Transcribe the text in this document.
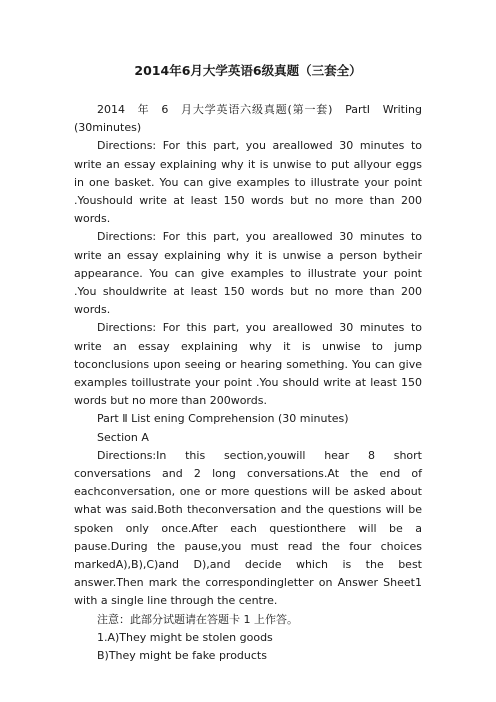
2014年6月大学英语6级真题（三套全）

2014　年　6　月大学英语六级真题(第一套)　PartI　Writing (30minutes)

Directions: For this part, you areallowed 30 minutes to write an essay explaining why it is unwise to put allyour eggs in one basket. You can give examples to illustrate your point .Youshould write at least 150 words but no more than 200 words.

Directions: For this part, you areallowed 30 minutes to write an essay explaining why it is unwise a person bytheir appearance. You can give examples to illustrate your point .You shouldwrite at least 150 words but no more than 200 words.

Directions: For this part, you areallowed 30 minutes to write an essay explaining why it is unwise to jump toconclusions upon seeing or hearing something. You can give examples toillustrate your point .You should write at least 150 words but no more than 200words.

Part Ⅱ List ening Comprehension (30 minutes)

Section A

Directions:In this section,youwill hear 8 short conversations and 2 long conversations.At the end of eachconversation, one or more questions will be asked about what was said.Both theconversation and the questions will be spoken only once.After each questionthere will be a pause.During the pause,you must read the four choices markedA),B),C)and D),and decide which is the best answer.Then mark the correspondingletter on Answer Sheet1 with a single line through the centre.

注意：此部分试题请在答题卡 1 上作答。

1.A)They might be stolen goods

B)They might be fake products
